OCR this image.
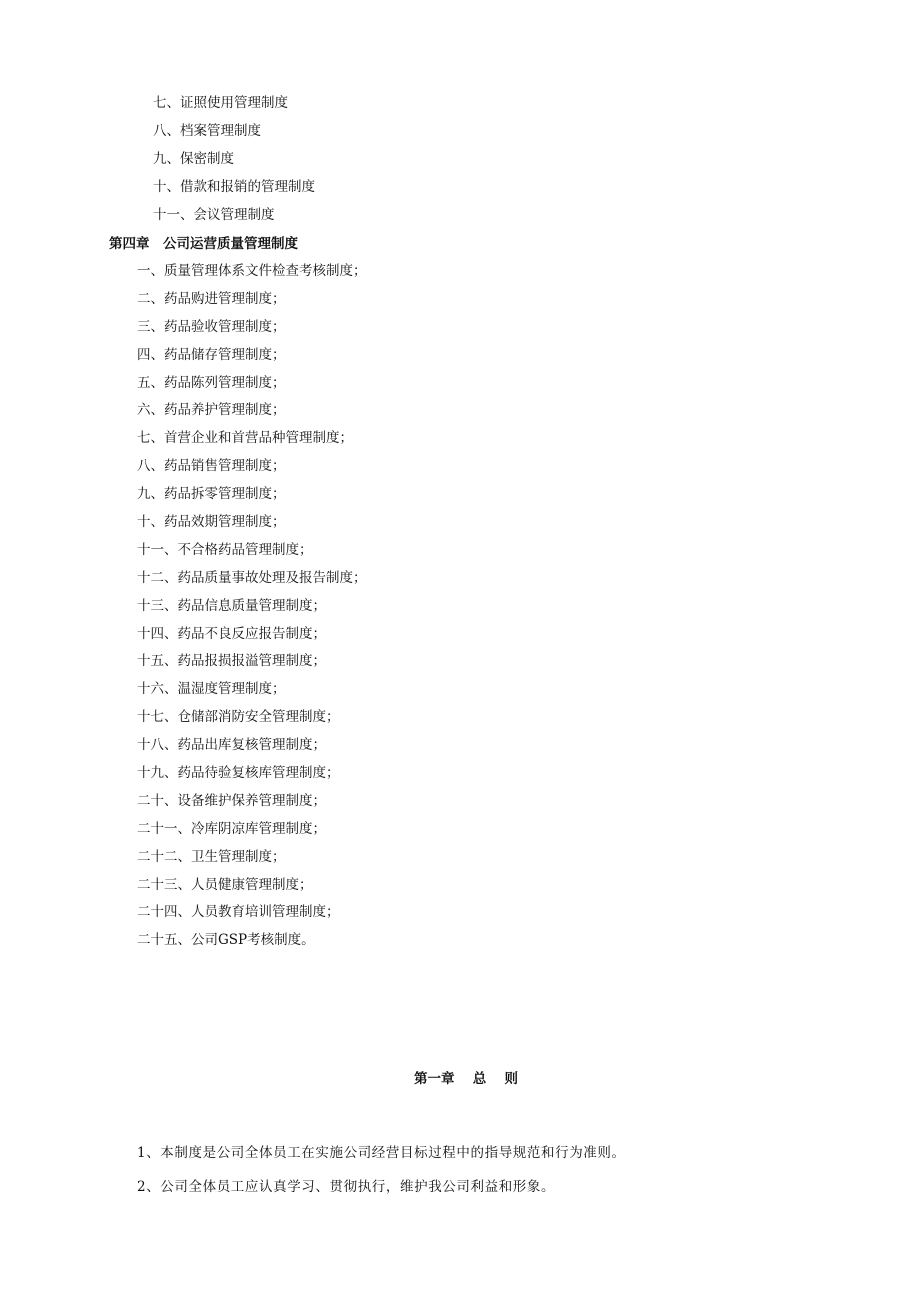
七、证照使用管理制度
八、档案管理制度
九、保密制度
十、借款和报销的管理制度
十一、会议管理制度
第四章　公司运营质量管理制度
一、质量管理体系文件检查考核制度；
二、药品购进管理制度；
三、药品验收管理制度；
四、药品储存管理制度；
五、药品陈列管理制度；
六、药品养护管理制度；
七、首营企业和首营品种管理制度；
八、药品销售管理制度；
九、药品拆零管理制度；
十、药品效期管理制度；
十一、不合格药品管理制度；
十二、药品质量事故处理及报告制度；
十三、药品信息质量管理制度；
十四、药品不良反应报告制度；
十五、药品报损报溢管理制度；
十六、温湿度管理制度；
十七、仓储部消防安全管理制度；
十八、药品出库复核管理制度；
十九、药品待验复核库管理制度；
二十、设备维护保养管理制度；
二十一、冷库阴凉库管理制度；
二十二、卫生管理制度；
二十三、人员健康管理制度；
二十四、人员教育培训管理制度；
二十五、公司GSP考核制度。
第一章　 总　 则

1、本制度是公司全体员工在实施公司经营目标过程中的指导规范和行为准则。

2、公司全体员工应认真学习、贯彻执行，维护我公司利益和形象。
